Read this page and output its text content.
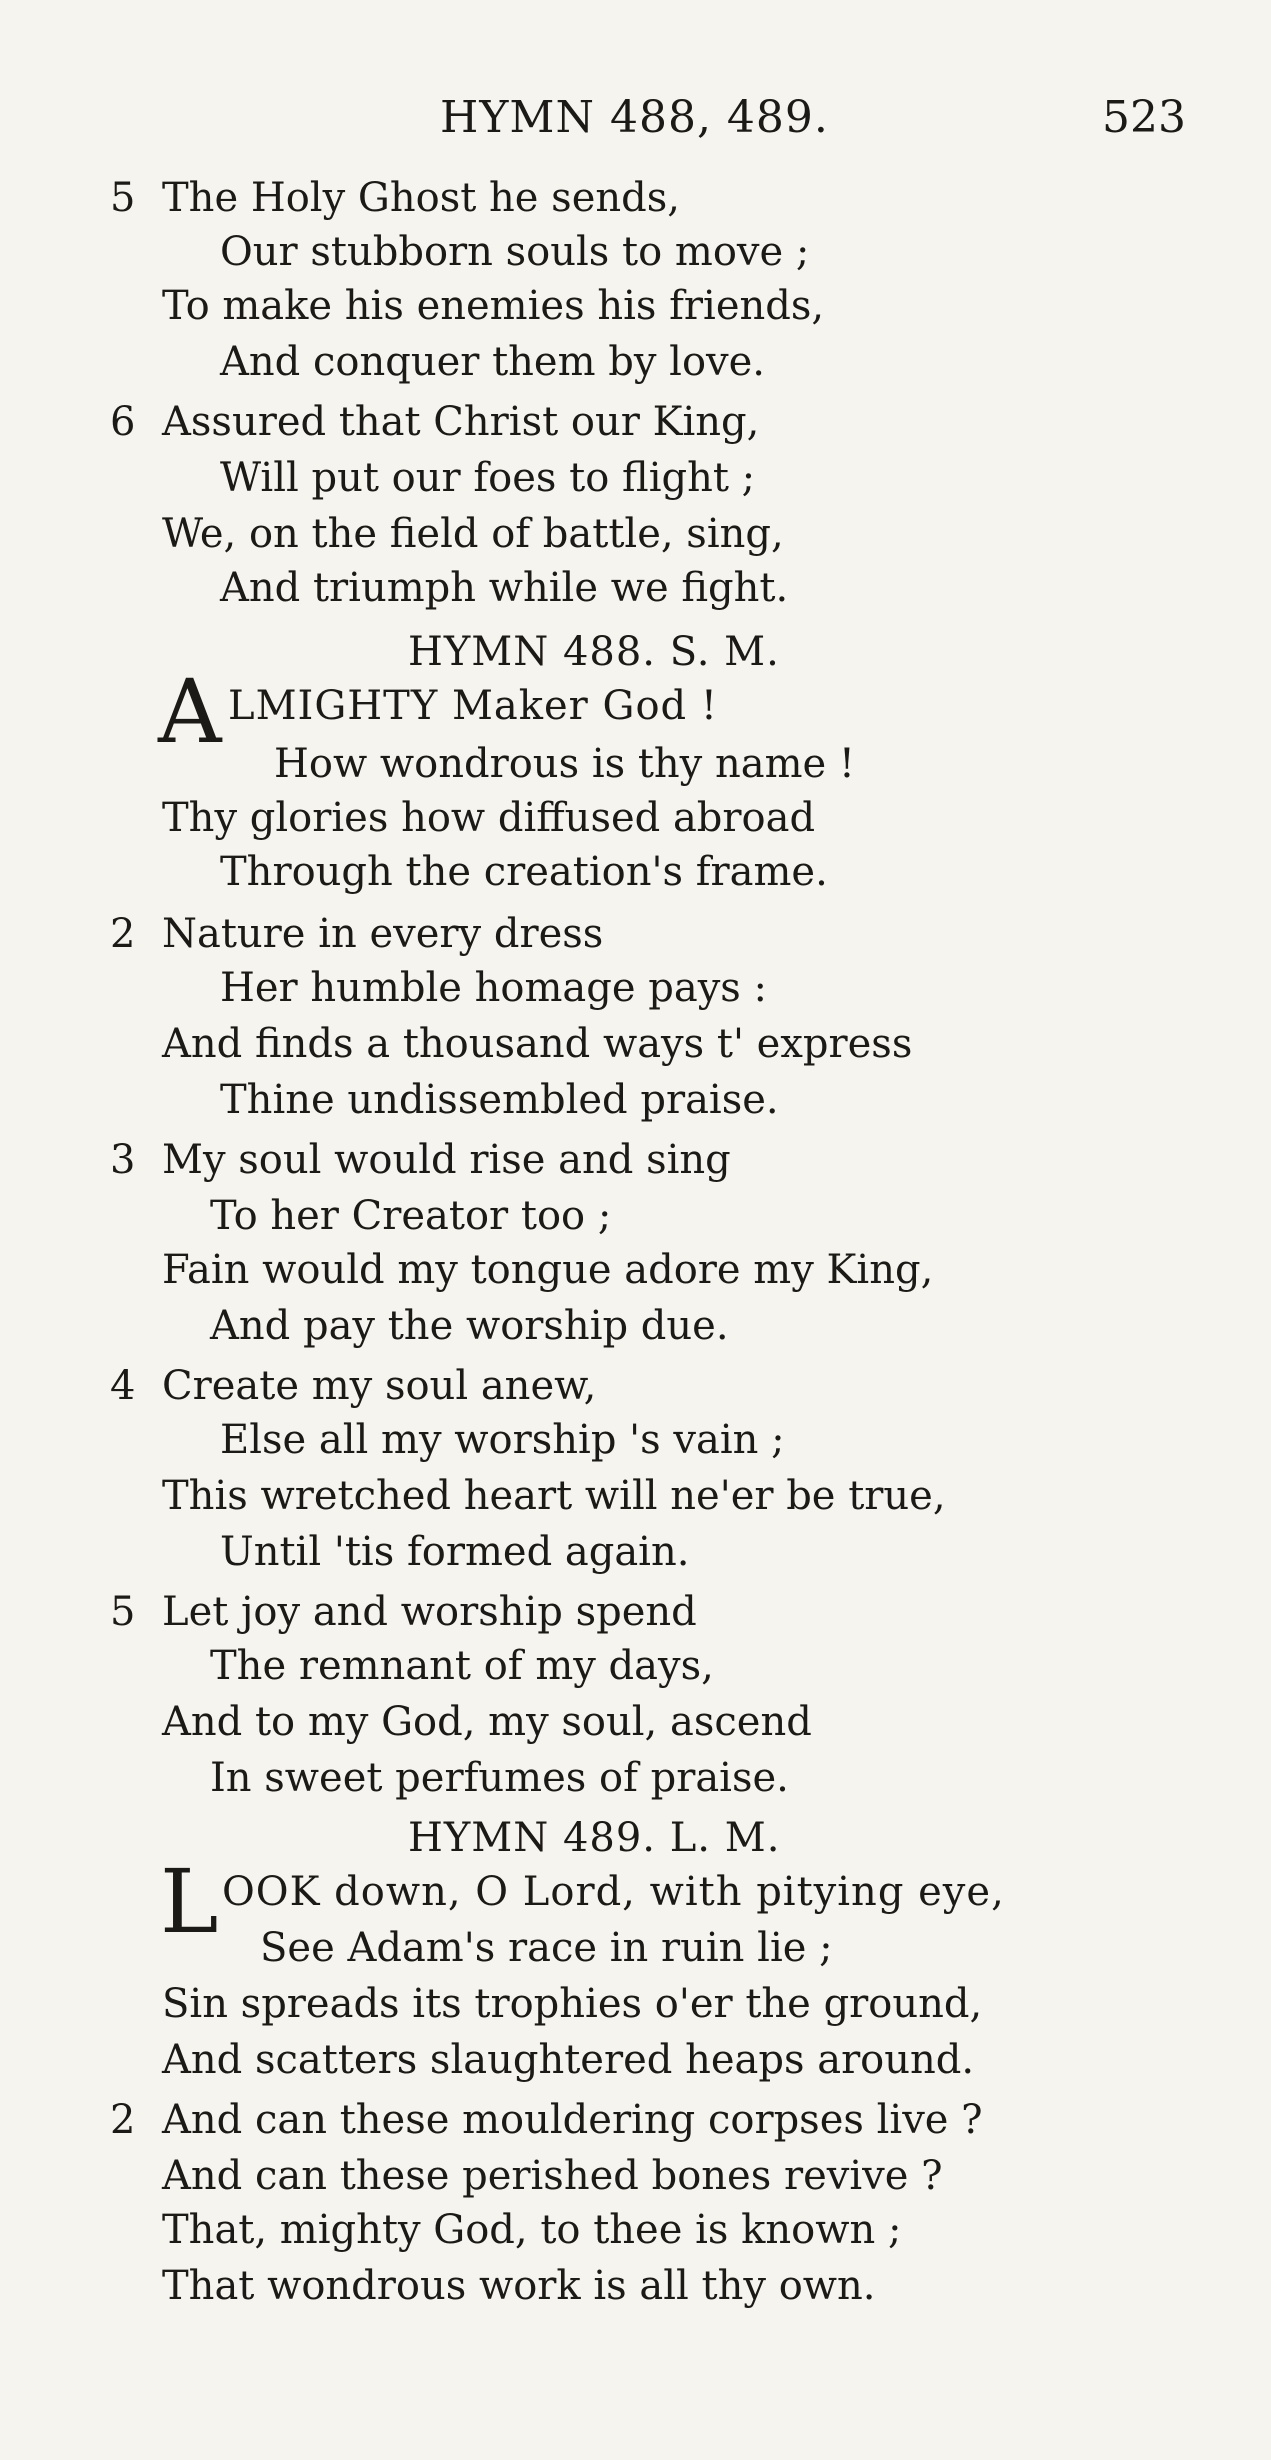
HYMN 488, 489.	523
5 The Holy Ghost he sends,
Our stubborn souls to move ;
To make his enemies his friends,
And conquer them by love.
6 Assured that Christ our King,
Will put our foes to flight ;
We, on the field of battle, sing,
And triumph while we fight.
HYMN 488. S. M.
A LMIGHTY Maker God !
How wondrous is thy name !
Thy glories how diffused abroad
Through the creation's frame.
2 Nature in every dress
Her humble homage pays :
And finds a thousand ways t' express
Thine undissembled praise.
3 My soul would rise and sing
To her Creator too ;
Fain would my tongue adore my King,
And pay the worship due.
4 Create my soul anew,
Else all my worship 's vain ;
This wretched heart will ne'er be true,
Until 'tis formed again.
5 Let joy and worship spend
The remnant of my days,
And to my God, my soul, ascend
In sweet perfumes of praise.
HYMN 489. L. M.
L OOK down, O Lord, with pitying eye,
See Adam's race in ruin lie ;
Sin spreads its trophies o'er the ground,
And scatters slaughtered heaps around.
2 And can these mouldering corpses live ?
And can these perished bones revive ?
That, mighty God, to thee is known ;
That wondrous work is all thy own.
